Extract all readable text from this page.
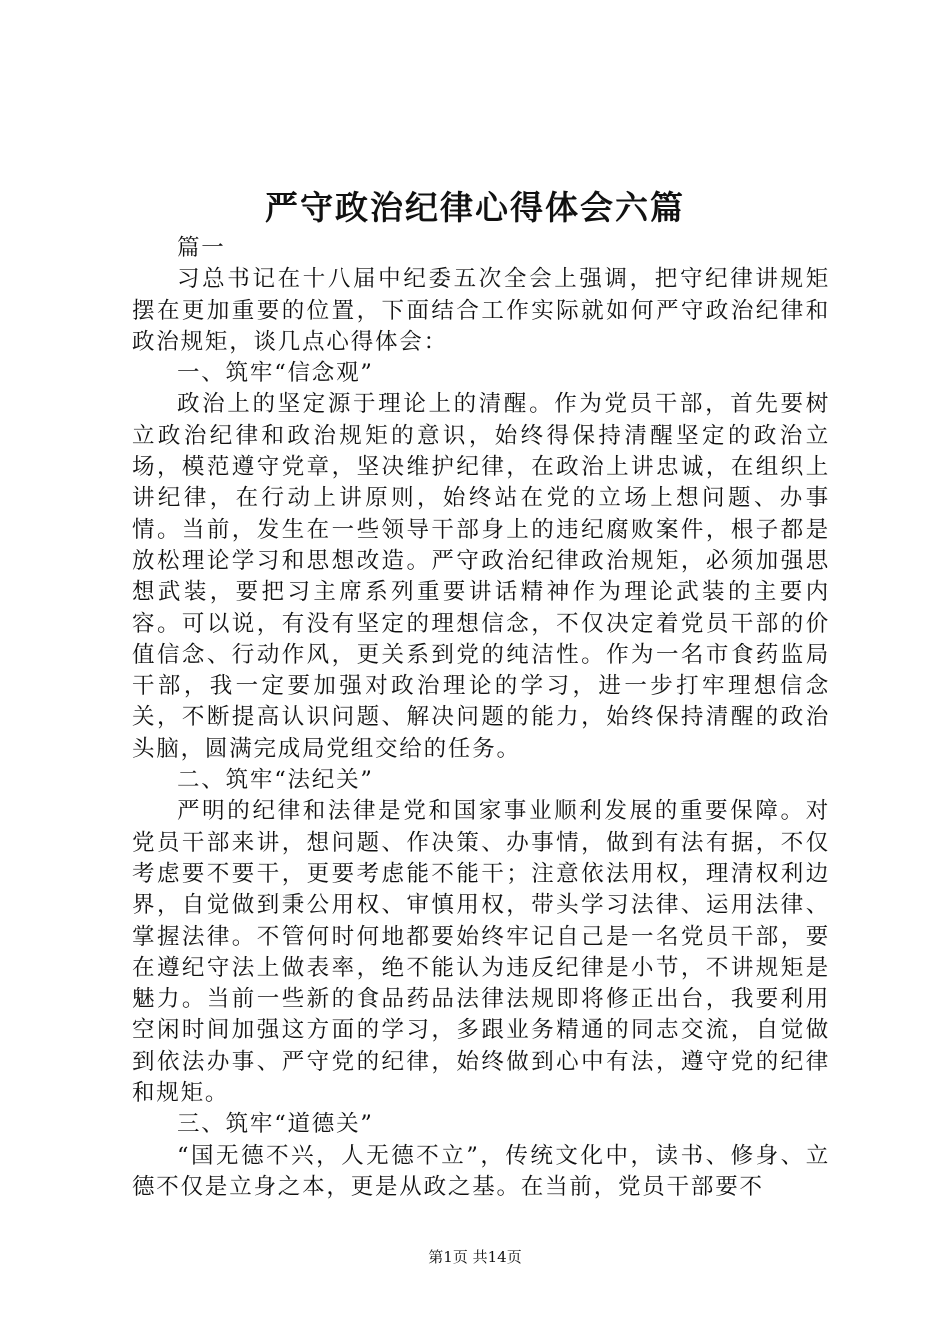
严守政治纪律心得体会六篇

篇一

习总书记在十八届中纪委五次全会上强调，把守纪律讲规矩摆在更加重要的位置，下面结合工作实际就如何严守政治纪律和政治规矩，谈几点心得体会：

一、筑牢“信念观”

政治上的坚定源于理论上的清醒。作为党员干部，首先要树立政治纪律和政治规矩的意识，始终得保持清醒坚定的政治立场，模范遵守党章，坚决维护纪律，在政治上讲忠诚，在组织上讲纪律，在行动上讲原则，始终站在党的立场上想问题、办事情。当前，发生在一些领导干部身上的违纪腐败案件，根子都是放松理论学习和思想改造。严守政治纪律政治规矩，必须加强思想武装，要把习主席系列重要讲话精神作为理论武装的主要内容。可以说，有没有坚定的理想信念，不仅决定着党员干部的价值信念、行动作风，更关系到党的纯洁性。作为一名市食药监局干部，我一定要加强对政治理论的学习，进一步打牢理想信念关，不断提高认识问题、解决问题的能力，始终保持清醒的政治头脑，圆满完成局党组交给的任务。

二、筑牢“法纪关”

严明的纪律和法律是党和国家事业顺利发展的重要保障。对党员干部来讲，想问题、作决策、办事情，做到有法有据，不仅考虑要不要干，更要考虑能不能干；注意依法用权，理清权利边界，自觉做到秉公用权、审慎用权，带头学习法律、运用法律、掌握法律。不管何时何地都要始终牢记自己是一名党员干部，要在遵纪守法上做表率，绝不能认为违反纪律是小节，不讲规矩是魅力。当前一些新的食品药品法律法规即将修正出台，我要利用空闲时间加强这方面的学习，多跟业务精通的同志交流，自觉做到依法办事、严守党的纪律，始终做到心中有法，遵守党的纪律和规矩。

三、筑牢“道德关”

“国无德不兴，人无德不立”，传统文化中，读书、修身、立德不仅是立身之本，更是从政之基。在当前，党员干部要不

第1页 共14页
